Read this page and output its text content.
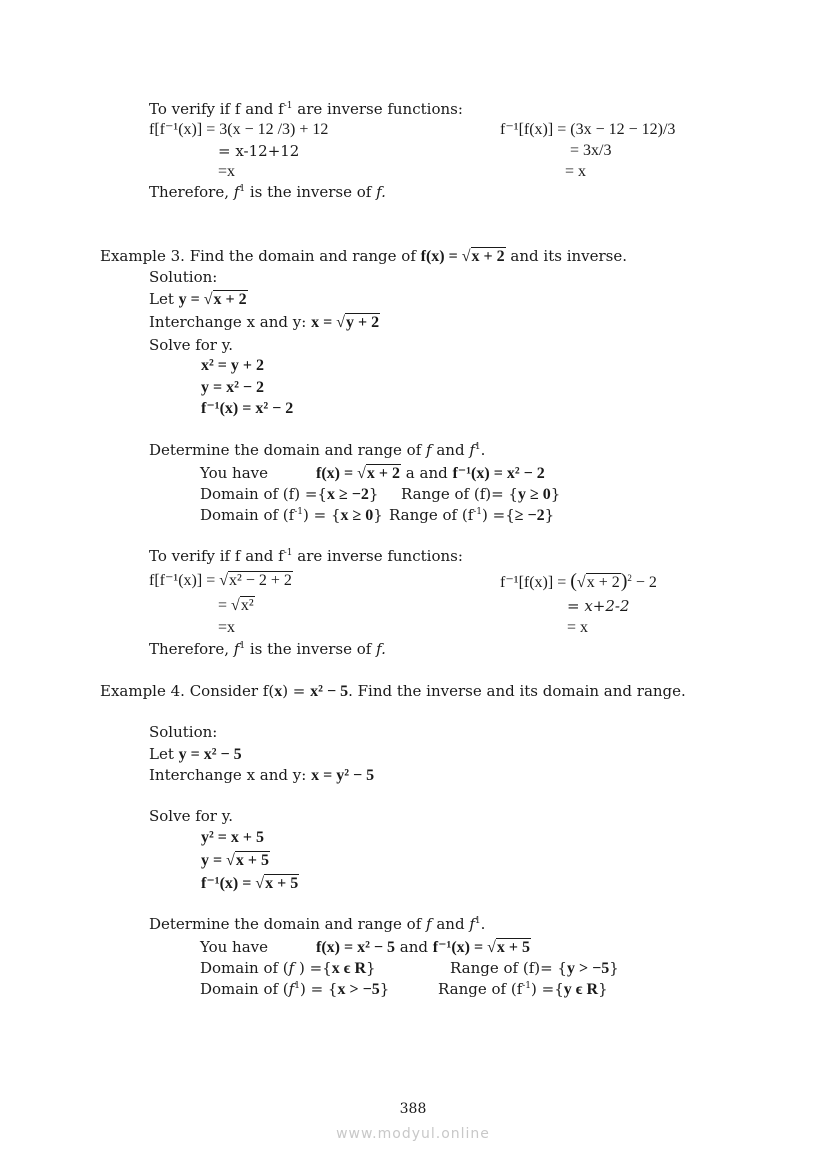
To verify if f and $f^{-1}$ are inverse functions:
f[f⁻¹(x)] = 3(x − 12 /3) + 12	f⁻¹[f(x)] = (3x − 12 − 12)/3
= x-12+12	= 3x/3
=x	= x
Therefore, $f^1$ is the inverse of f.
Example 3. Find the domain and range of f(x) = √x + 2 and its inverse.
Solution:
Let y = √x + 2
Interchange x and y: x = √y + 2
Solve for y.
x² = y + 2
y = x² − 2
f⁻¹(x) = x² − 2
Determine the domain and range of f and $f^1$.
You have	f(x) = √x + 2 a and f⁻¹(x) = x² − 2
Domain of (f) ={x ≥ −2} Range of (f)= {y ≥ 0}
Domain of $(f^{-1}) = \{x \ge 0\}$ Range of $(f^{-1})$ ={≥ −2}
To verify if f and $f^{-1}$ are inverse functions:
f[f⁻¹(x)] = √x² − 2 + 2	$f^{-1}[f(x)] = (√x + 2)^2 - 2$
= √x²	= x+2-2
=x	= x
Therefore, $f^1$ is the inverse of f.
Example 4. Consider f(x) = x² − 5. Find the inverse and its domain and range.
Solution:
Let y = x² − 5
Interchange x and y: x = y² − 5
Solve for y.
y² = x + 5
y = √x + 5
f⁻¹(x) = √x + 5
Determine the domain and range of f and $f^1$.
You have	f(x) = x² − 5 and f⁻¹(x) = √x + 5
Domain of (f ) ={x ϵ R}	Range of (f)= {y > −5}
Domain of $(f^1) = \{x > -5\}$	Range of $(f^{-1}) =\{y$ ϵ R}
388
www.modyul.online
